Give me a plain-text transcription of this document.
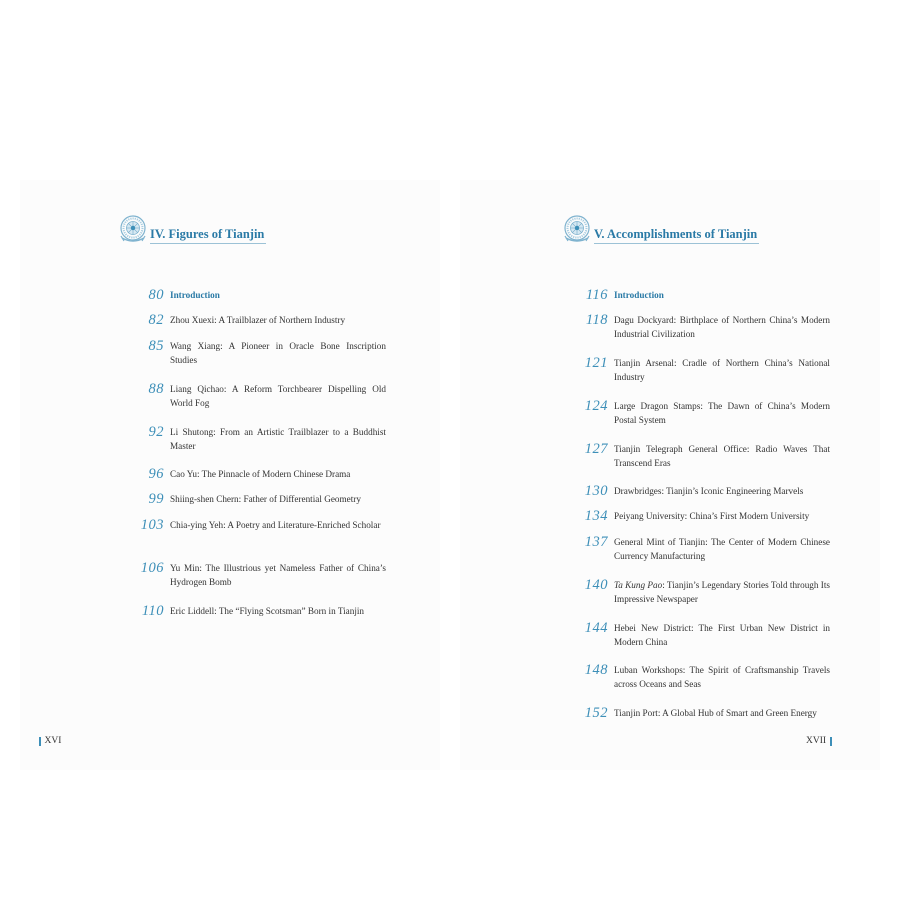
IV. Figures of Tianjin
80 Introduction
82 Zhou Xuexi: A Trailblazer of Northern Industry
85 Wang Xiang: A Pioneer in Oracle Bone Inscription Studies
88 Liang Qichao: A Reform Torchbearer Dispelling Old World Fog
92 Li Shutong: From an Artistic Trailblazer to a Buddhist Master
96 Cao Yu: The Pinnacle of Modern Chinese Drama
99 Shiing-shen Chern: Father of Differential Geometry
103 Chia-ying Yeh: A Poetry and Literature-Enriched Scholar
106 Yu Min: The Illustrious yet Nameless Father of China’s Hydrogen Bomb
110 Eric Liddell: The “Flying Scotsman” Born in Tianjin
V. Accomplishments of Tianjin
116 Introduction
118 Dagu Dockyard: Birthplace of Northern China’s Modern Industrial Civilization
121 Tianjin Arsenal: Cradle of Northern China’s National Industry
124 Large Dragon Stamps: The Dawn of China’s Modern Postal System
127 Tianjin Telegraph General Office: Radio Waves That Transcend Eras
130 Drawbridges: Tianjin’s Iconic Engineering Marvels
134 Peiyang University: China’s First Modern University
137 General Mint of Tianjin: The Center of Modern Chinese Currency Manufacturing
140 Ta Kung Pao: Tianjin’s Legendary Stories Told through Its Impressive Newspaper
144 Hebei New District: The First Urban New District in Modern China
148 Luban Workshops: The Spirit of Craftsmanship Travels across Oceans and Seas
152 Tianjin Port: A Global Hub of Smart and Green Energy
XVI	XVII
